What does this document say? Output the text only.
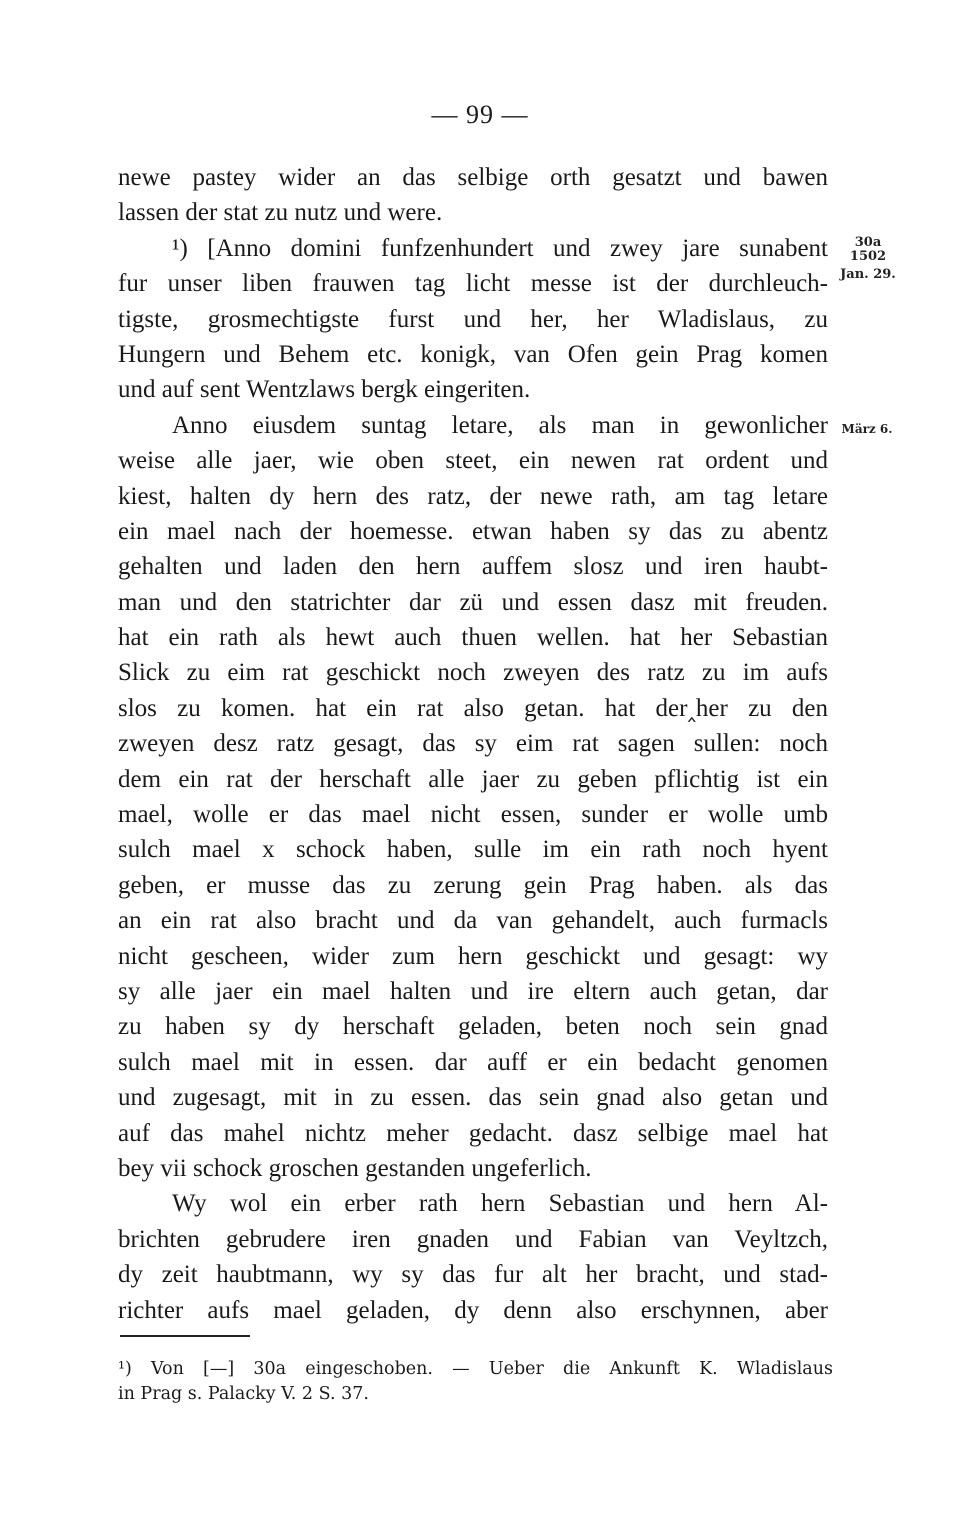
— 99 —
newe pastey wider an das selbige orth gesatzt und bawen
lassen der stat zu nutz und were.
¹) [Anno domini funfzenhundert und zwey jare sunabent
fur unser liben frauwen tag licht messe ist der durchleuch-
tigste, grosmechtigste furst und her, her Wladislaus, zu
Hungern und Behem etc. konigk, van Ofen gein Prag komen
und auf sent Wentzlaws bergk eingeriten.
Anno eiusdem suntag letare, als man in gewonlicher
weise alle jaer, wie oben steet, ein newen rat ordent und
kiest, halten dy hern des ratz, der newe rath, am tag letare
ein mael nach der hoemesse. etwan haben sy das zu abentz
gehalten und laden den hern auffem slosz und iren haubt-
man und den statrichter dar zü und essen dasz mit freuden.
hat ein rath als hewt auch thuen wellen. hat her Sebastian
Slick zu eim rat geschickt noch zweyen des ratz zu im aufs
slos zu komen. hat ein rat also getan. hat der‸her zu den
zweyen desz ratz gesagt, das sy eim rat sagen sullen: noch
dem ein rat der herschaft alle jaer zu geben pflichtig ist ein
mael, wolle er das mael nicht essen, sunder er wolle umb
sulch mael x schock haben, sulle im ein rath noch hyent
geben, er musse das zu zerung gein Prag haben. als das
an ein rat also bracht und da van gehandelt, auch furmacls
nicht gescheen, wider zum hern geschickt und gesagt: wy
sy alle jaer ein mael halten und ire eltern auch getan, dar
zu haben sy dy herschaft geladen, beten noch sein gnad
sulch mael mit in essen. dar auff er ein bedacht genomen
und zugesagt, mit in zu essen. das sein gnad also getan und
auf das mahel nichtz meher gedacht. dasz selbige mael hat
bey vii schock groschen gestanden ungeferlich.
Wy wol ein erber rath hern Sebastian und hern Al-
brichten gebrudere iren gnaden und Fabian van Veyltzch,
dy zeit haubtmann, wy sy das fur alt her bracht, und stad-
richter aufs mael geladen, dy denn also erschynnen, aber
30a
1502
Jan. 29.
März 6.
¹) Von [—] 30a eingeschoben. — Ueber die Ankunft K. Wladislaus
in Prag s. Palacky V. 2 S. 37.
